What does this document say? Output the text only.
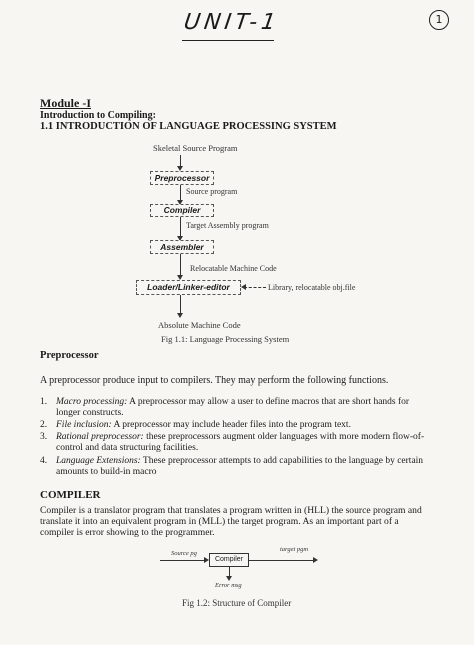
UNIT-1	1
Module -I
Introduction to Compiling:
1.1 INTRODUCTION OF LANGUAGE PROCESSING SYSTEM
Skeletal Source Program
Preprocessor
Source program
Compiler
Target Assembly program
Assembler
Relocatable Machine Code
Loader/Linker-editor	Library, relocatable obj.file
Absolute Machine Code
Fig 1.1: Language Processing System
Preprocessor
A preprocessor produce input to compilers. They may perform the following functions.
1. Macro processing: A preprocessor may allow a user to define macros that are short hands for
longer constructs.
2. File inclusion: A preprocessor may include header files into the program text.
3. Rational preprocessor: these preprocessors augment older languages with more modern flow-of-
control and data structuring facilities.
4. Language Extensions: These preprocessor attempts to add capabilities to the language by certain
amounts to build-in macro
COMPILER
Compiler is a translator program that translates a program written in (HLL) the source program and
translate it into an equivalent program in (MLL) the target program. As an important part of a
compiler is error showing to the programmer.
Source pg
Compiler
target pgm
Error msg
Fig 1.2: Structure of Compiler
